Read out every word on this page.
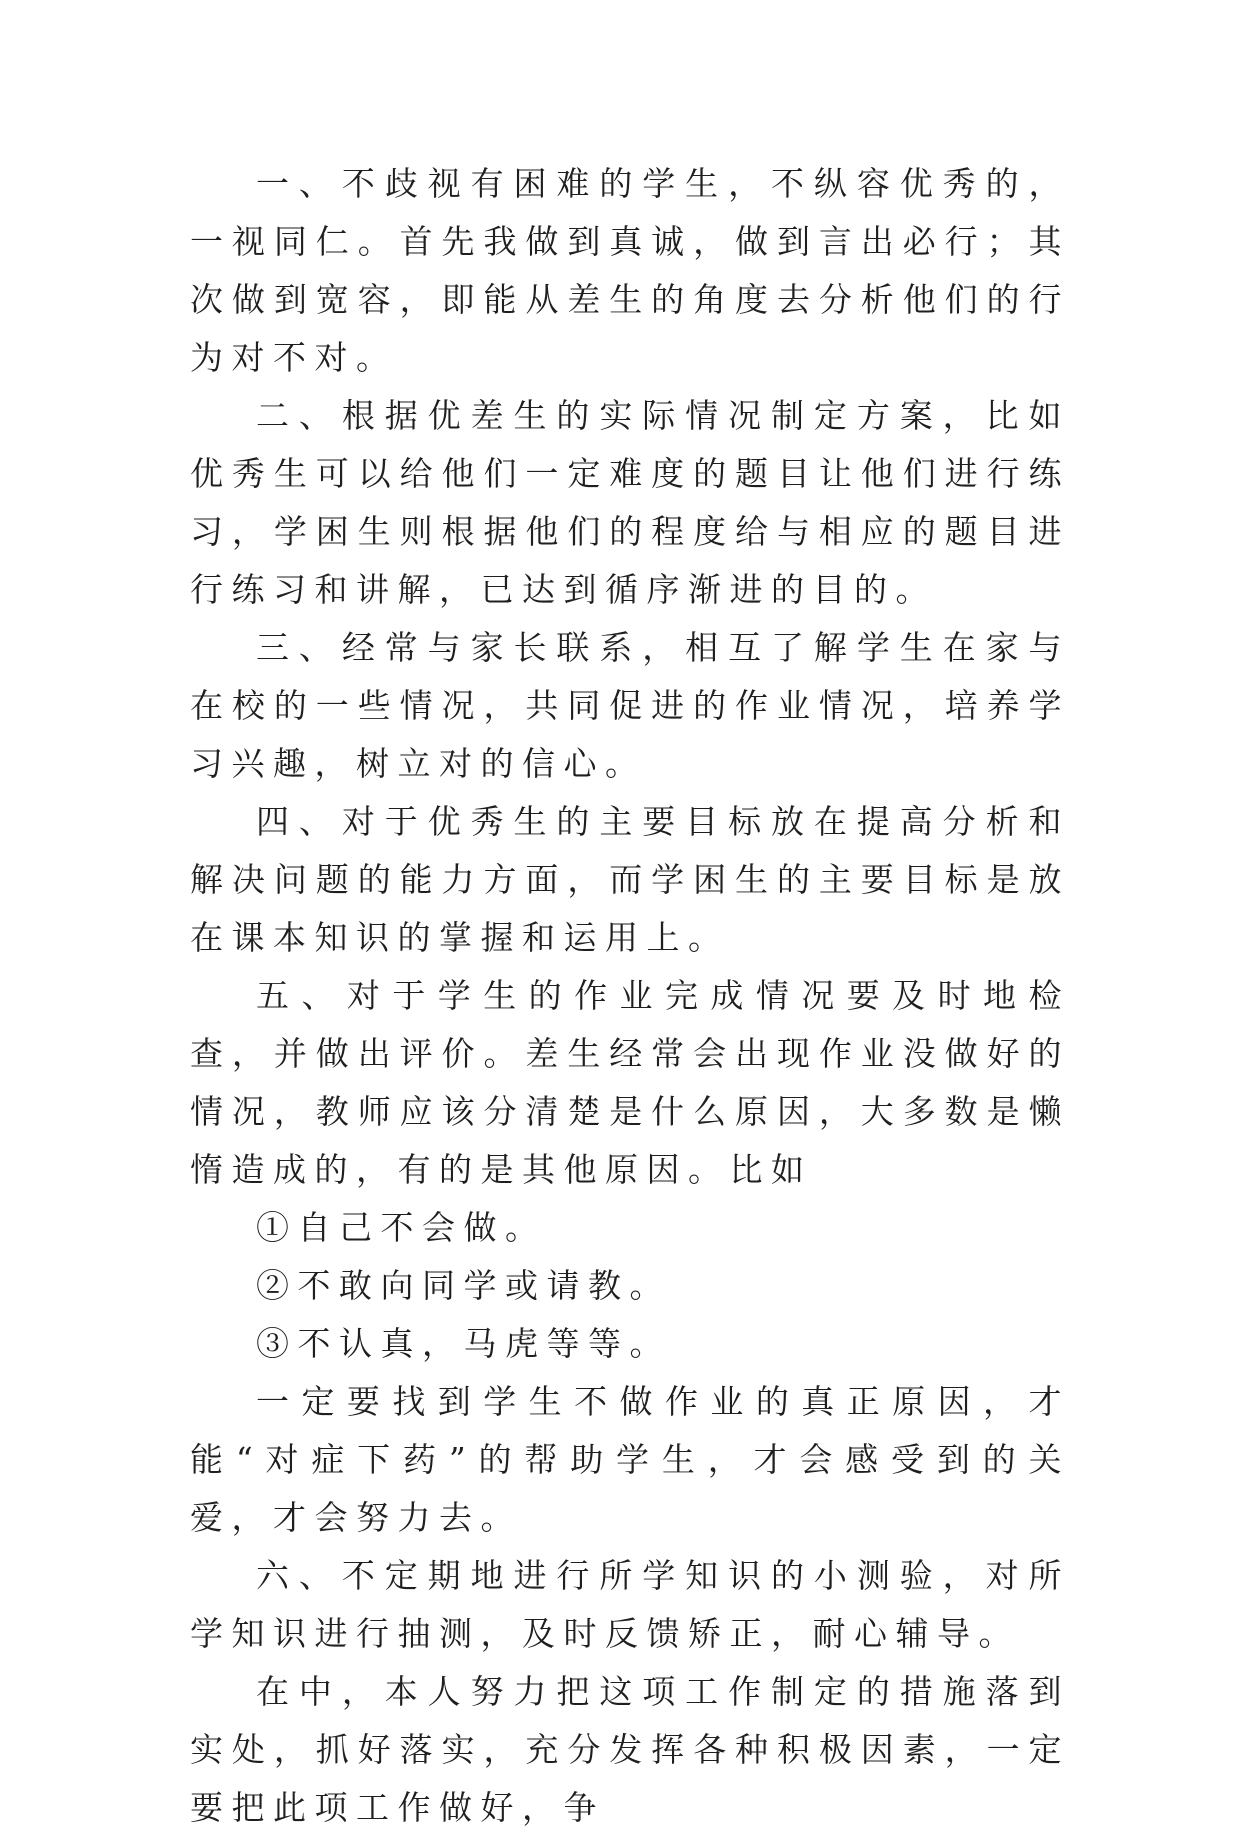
一、不歧视有困难的学生，不纵容优秀的，一视同仁。首先我做到真诚，做到言出必行；其次做到宽容，即能从差生的角度去分析他们的行为对不对。

二、根据优差生的实际情况制定方案，比如优秀生可以给他们一定难度的题目让他们进行练习，学困生则根据他们的程度给与相应的题目进行练习和讲解，已达到循序渐进的目的。

三、经常与家长联系，相互了解学生在家与在校的一些情况，共同促进的作业情况，培养学习兴趣，树立对的信心。

四、对于优秀生的主要目标放在提高分析和解决问题的能力方面，而学困生的主要目标是放在课本知识的掌握和运用上。

五、对于学生的作业完成情况要及时地检查，并做出评价。差生经常会出现作业没做好的情况，教师应该分清楚是什么原因，大多数是懒惰造成的，有的是其他原因。比如

①自己不会做。

②不敢向同学或请教。

③不认真，马虎等等。

一定要找到学生不做作业的真正原因，才能“对症下药”的帮助学生，才会感受到的关爱，才会努力去。

六、不定期地进行所学知识的小测验，对所学知识进行抽测，及时反馈矫正，耐心辅导。

在中，本人努力把这项工作制定的措施落到实处，抓好落实，充分发挥各种积极因素，一定要把此项工作做好，争
